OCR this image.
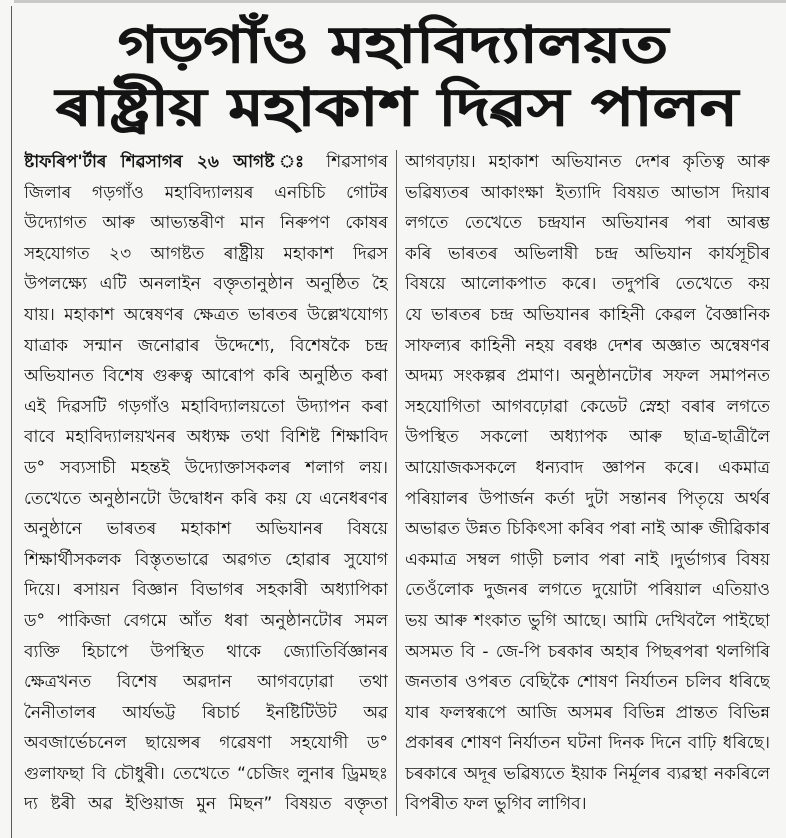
গড়গাঁও মহাবিদ্যালয়ত
ৰাষ্ট্ৰীয় মহাকাশ দিৱস পালন
ষ্টাফৰিপ'ৰ্টাৰ শিৱসাগৰ ২৬ আগষ্ট ঃ শিৱসাগৰ
জিলাৰ গড়গাঁও মহাবিদ্যালয়ৰ এনচিচি গোটৰ
উদ্যোগত আৰু আভ্যন্তৰীণ মান নিৰুপণ কোষৰ
সহযোগত ২৩ আগষ্টত ৰাষ্ট্ৰীয় মহাকাশ দিৱস
উপলক্ষ্যে এটি অনলাইন বক্তৃতানুষ্ঠান অনুষ্ঠিত হৈ
যায়। মহাকাশ অন্বেষণৰ ক্ষেত্ৰত ভাৰতৰ উল্লেখযোগ্য
যাত্ৰাক সন্মান জনোৱাৰ উদ্দেশ্যে, বিশেষকৈ চন্দ্ৰ
অভিযানত বিশেষ গুৰুত্ব আৰোপ কৰি অনুষ্ঠিত কৰা
এই দিৱসটি গড়গাঁও মহাবিদ্যালয়তো উদ্যাপন কৰা
বাবে মহাবিদ্যালয়খনৰ অধ্যক্ষ তথা বিশিষ্ট শিক্ষাবিদ
ড° সব্যসাচী মহন্তই উদ্যোক্তাসকলৰ শলাগ লয়।
তেখেতে অনুষ্ঠানটো উদ্বোধন কৰি কয় যে এনেধৰণৰ
অনুষ্ঠানে ভাৰতৰ মহাকাশ অভিযানৰ বিষয়ে
শিক্ষাৰ্থীসকলক বিস্তৃতভাৱে অৱগত হোৱাৰ সুযোগ
দিয়ে। ৰসায়ন বিজ্ঞান বিভাগৰ সহকাৰী অধ্যাপিকা
ড° পাকিজা বেগমে আঁত ধৰা অনুষ্ঠানটোৰ সমল
ব্যক্তি হিচাপে উপস্থিত থাকে জ্যোতিৰ্বিজ্ঞানৰ
ক্ষেত্ৰখনত বিশেষ অৱদান আগবঢ়োৱা তথা
নৈনীতালৰ আৰ্যভট্ট ৰিচাৰ্চ ইনষ্টিটিউট অৱ
অবজাৰ্ভেচনেল ছায়েন্সৰ গৱেষণা সহযোগী ড°
গুলাফছা বি চৌধুৰী। তেখেতে “চেজিং লুনাৰ ড্ৰিমছঃ
দ্য ষ্টৰী অৱ ইণ্ডিয়াজ মুন মিছন” বিষয়ত বক্তৃতা
আগবঢ়ায়। মহাকাশ অভিযানত দেশৰ কৃতিত্ব আৰু
ভৱিষ্যতৰ আকাংক্ষা ইত্যাদি বিষয়ত আভাস দিয়াৰ
লগতে তেখেতে চন্দ্ৰযান অভিযানৰ পৰা আৰম্ভ
কৰি ভাৰতৰ অভিলাষী চন্দ্ৰ অভিযান কাৰ্যসূচীৰ
বিষয়ে আলোকপাত কৰে। তদুপৰি তেখেতে কয়
যে ভাৰতৰ চন্দ্ৰ অভিযানৰ কাহিনী কেৱল বৈজ্ঞানিক
সাফল্যৰ কাহিনী নহয় বৰঞ্চ দেশৰ অজ্ঞাত অন্বেষণৰ
অদম্য সংকল্পৰ প্ৰমাণ। অনুষ্ঠানটোৰ সফল সমাপনত
সহযোগিতা আগবঢ়োৱা কেডেট স্নেহা বৰাৰ লগতে
উপস্থিত সকলো অধ্যাপক আৰু ছাত্ৰ-ছাত্ৰীলৈ
আয়োজকসকলে ধন্যবাদ জ্ঞাপন কৰে। একমাত্ৰ
পৰিয়ালৰ উপাৰ্জন কৰ্তা দুটা সন্তানৰ পিতৃয়ে অৰ্থৰ
অভাৱত উন্নত চিকিৎসা কৰিব পৰা নাই আৰু জীৱিকাৰ
একমাত্ৰ সম্বল গাড়ী চলাব পৰা নাই ।দুৰ্ভাগ্যৰ বিষয়
তেওঁলোক দুজনৰ লগতে দুয়োটা পৰিয়াল এতিয়াও
ভয় আৰু শংকাত ভুগি আছে। আমি দেখিবলৈ পাইছো
অসমত বি - জে-পি চৰকাৰ অহাৰ পিছৰপৰা থলগিৰি
জনতাৰ ওপৰত বেছিকৈ শোষণ নিৰ্যাতন চলিব ধৰিছে
যাৰ ফলস্বৰূপে আজি অসমৰ বিভিন্ন প্ৰান্তত বিভিন্ন
প্ৰকাৰৰ শোষণ নিৰ্যাতন ঘটনা দিনক দিনে বাঢ়ি ধৰিছে।
চৰকাৰে অদূৰ ভৱিষ্যতে ইয়াক নিৰ্মূলৰ ব্যৱস্থা নকৰিলে
বিপৰীত ফল ভুগিব লাগিব।
